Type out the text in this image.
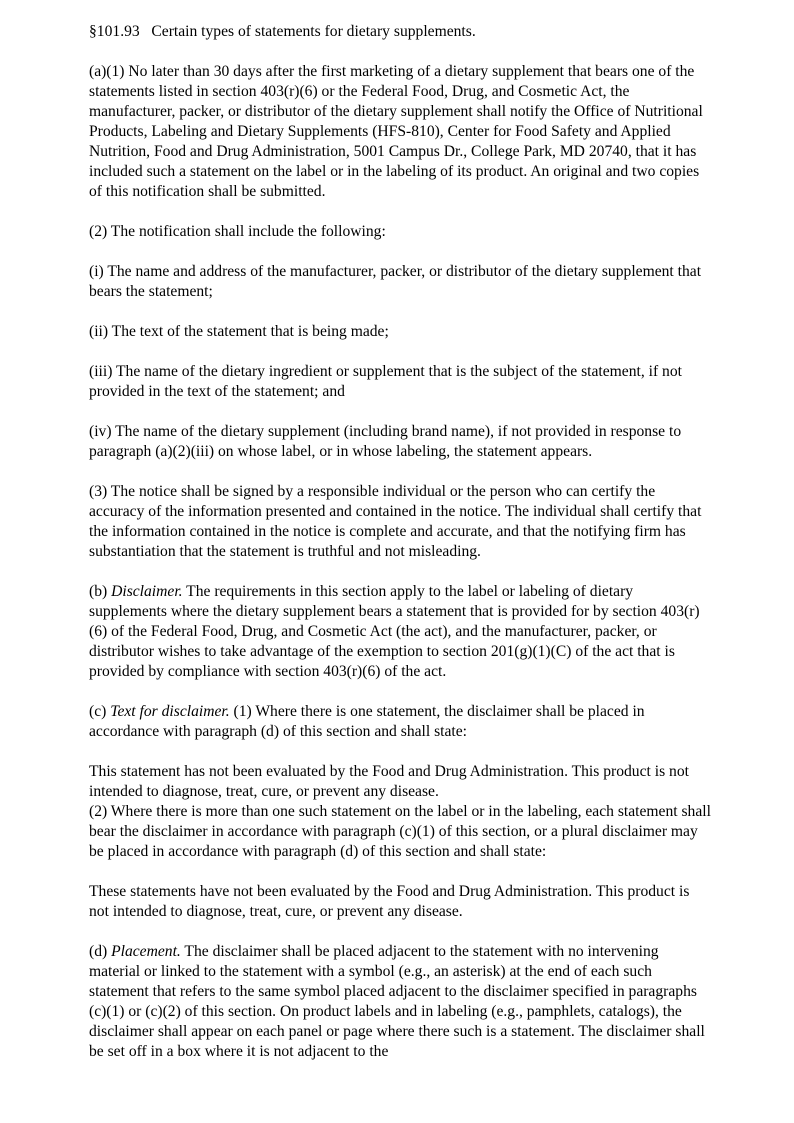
§101.93   Certain types of statements for dietary supplements.

(a)(1) No later than 30 days after the first marketing of a dietary supplement that bears one of the statements listed in section 403(r)(6) or the Federal Food, Drug, and Cosmetic Act, the manufacturer, packer, or distributor of the dietary supplement shall notify the Office of Nutritional Products, Labeling and Dietary Supplements (HFS-810), Center for Food Safety and Applied Nutrition, Food and Drug Administration, 5001 Campus Dr., College Park, MD 20740, that it has included such a statement on the label or in the labeling of its product. An original and two copies of this notification shall be submitted.

(2) The notification shall include the following:

(i) The name and address of the manufacturer, packer, or distributor of the dietary supplement that bears the statement;

(ii) The text of the statement that is being made;

(iii) The name of the dietary ingredient or supplement that is the subject of the statement, if not provided in the text of the statement; and

(iv) The name of the dietary supplement (including brand name), if not provided in response to paragraph (a)(2)(iii) on whose label, or in whose labeling, the statement appears.

(3) The notice shall be signed by a responsible individual or the person who can certify the accuracy of the information presented and contained in the notice. The individual shall certify that the information contained in the notice is complete and accurate, and that the notifying firm has substantiation that the statement is truthful and not misleading.

(b) Disclaimer. The requirements in this section apply to the label or labeling of dietary supplements where the dietary supplement bears a statement that is provided for by section 403(r)(6) of the Federal Food, Drug, and Cosmetic Act (the act), and the manufacturer, packer, or distributor wishes to take advantage of the exemption to section 201(g)(1)(C) of the act that is provided by compliance with section 403(r)(6) of the act.

(c) Text for disclaimer. (1) Where there is one statement, the disclaimer shall be placed in accordance with paragraph (d) of this section and shall state:

This statement has not been evaluated by the Food and Drug Administration. This product is not intended to diagnose, treat, cure, or prevent any disease.

(2) Where there is more than one such statement on the label or in the labeling, each statement shall bear the disclaimer in accordance with paragraph (c)(1) of this section, or a plural disclaimer may be placed in accordance with paragraph (d) of this section and shall state:

These statements have not been evaluated by the Food and Drug Administration. This product is not intended to diagnose, treat, cure, or prevent any disease.

(d) Placement. The disclaimer shall be placed adjacent to the statement with no intervening material or linked to the statement with a symbol (e.g., an asterisk) at the end of each such statement that refers to the same symbol placed adjacent to the disclaimer specified in paragraphs (c)(1) or (c)(2) of this section. On product labels and in labeling (e.g., pamphlets, catalogs), the disclaimer shall appear on each panel or page where there such is a statement. The disclaimer shall be set off in a box where it is not adjacent to the
